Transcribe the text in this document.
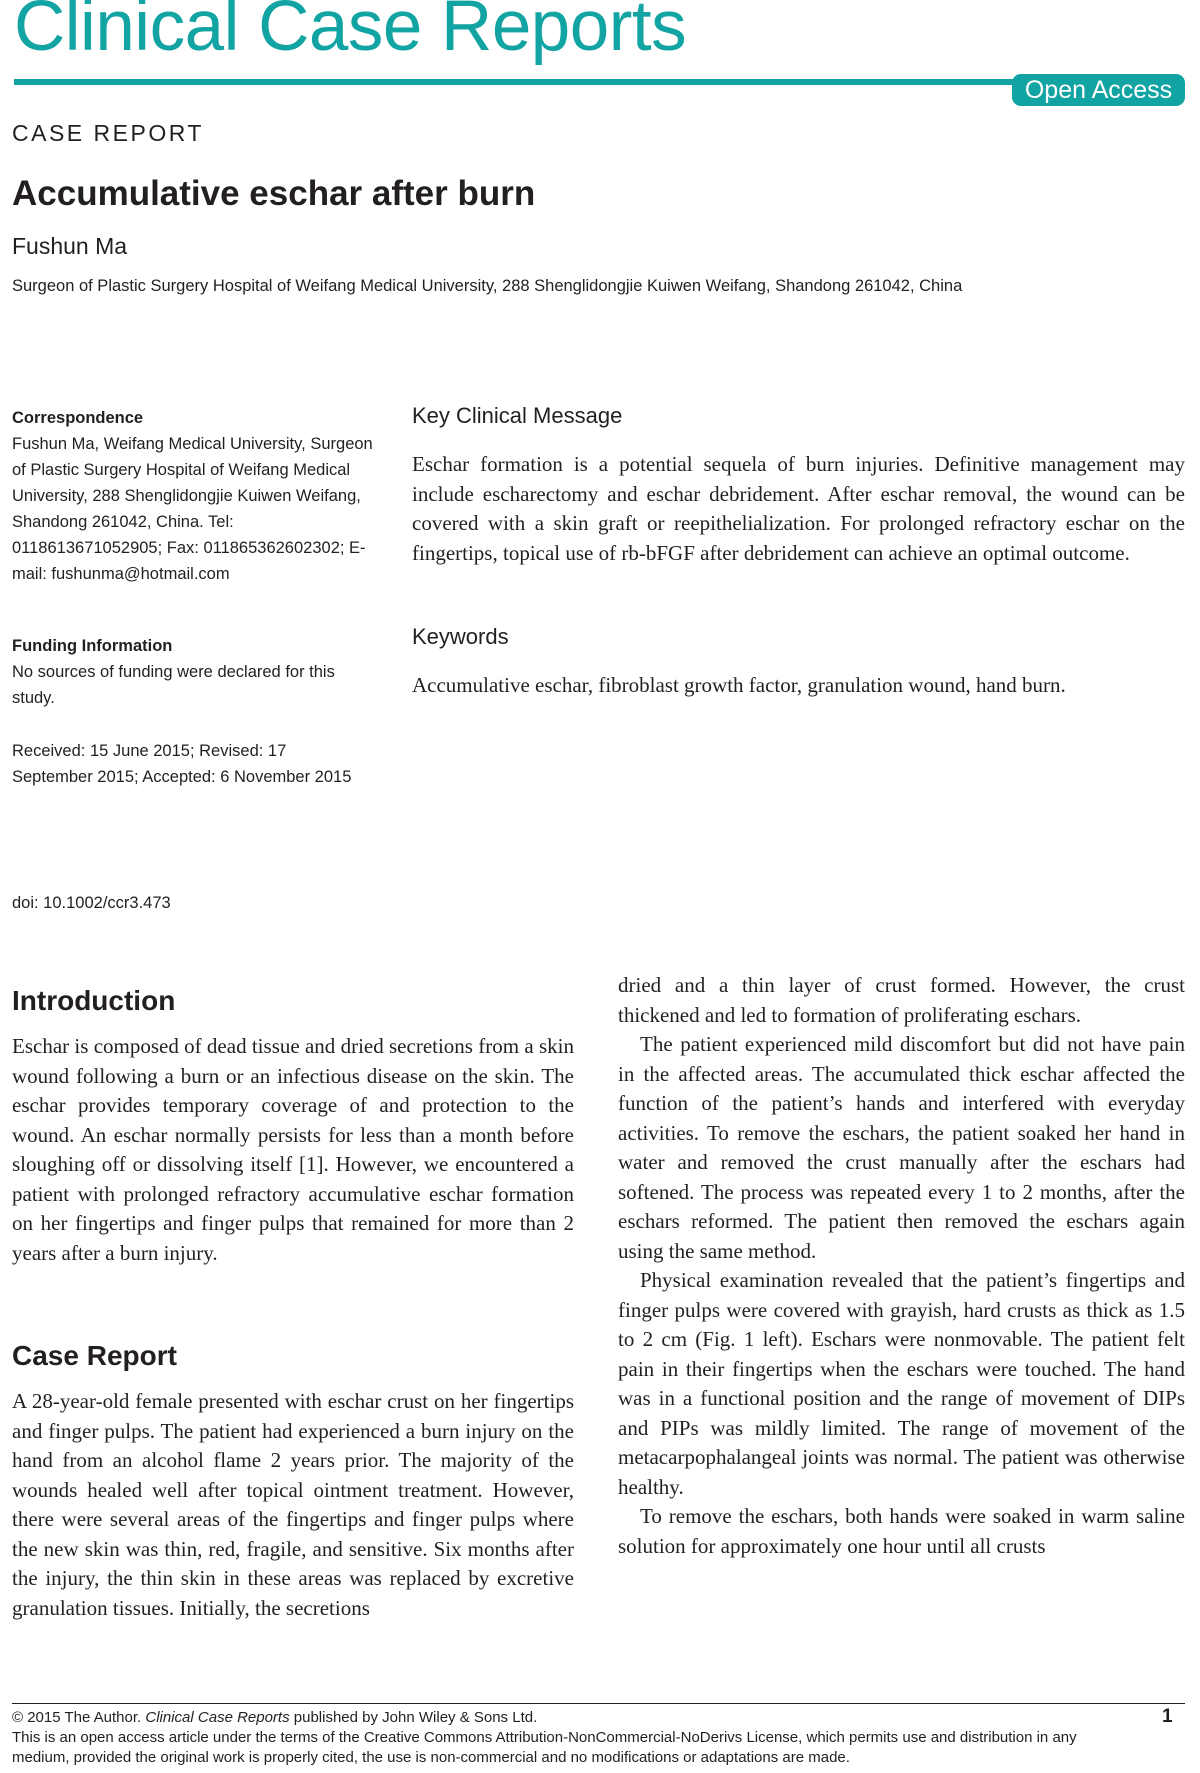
Clinical Case Reports
Open Access
CASE REPORT
Accumulative eschar after burn
Fushun Ma
Surgeon of Plastic Surgery Hospital of Weifang Medical University, 288 Shenglidongjie Kuiwen Weifang, Shandong 261042, China
Correspondence
Fushun Ma, Weifang Medical University, Surgeon of Plastic Surgery Hospital of Weifang Medical University, 288 Shenglidongjie Kuiwen Weifang, Shandong 261042, China. Tel: 0118613671052905; Fax: 011865362602302; E-mail: fushunma@hotmail.com
Funding Information
No sources of funding were declared for this study.
Received: 15 June 2015; Revised: 17 September 2015; Accepted: 6 November 2015
doi: 10.1002/ccr3.473
Key Clinical Message

Eschar formation is a potential sequela of burn injuries. Definitive management may include escharectomy and eschar debridement. After eschar removal, the wound can be covered with a skin graft or reepithelialization. For prolonged refractory eschar on the fingertips, topical use of rb-bFGF after debridement can achieve an optimal outcome.

Keywords

Accumulative eschar, fibroblast growth factor, granulation wound, hand burn.

Introduction

Eschar is composed of dead tissue and dried secretions from a skin wound following a burn or an infectious disease on the skin. The eschar provides temporary coverage of and protection to the wound. An eschar normally persists for less than a month before sloughing off or dissolving itself [1]. However, we encountered a patient with prolonged refractory accumulative eschar formation on her fingertips and finger pulps that remained for more than 2 years after a burn injury.

Case Report

A 28-year-old female presented with eschar crust on her fingertips and finger pulps. The patient had experienced a burn injury on the hand from an alcohol flame 2 years prior. The majority of the wounds healed well after topical ointment treatment. However, there were several areas of the fingertips and finger pulps where the new skin was thin, red, fragile, and sensitive. Six months after the injury, the thin skin in these areas was replaced by excretive granulation tissues. Initially, the secretions

dried and a thin layer of crust formed. However, the crust thickened and led to formation of proliferating eschars.

The patient experienced mild discomfort but did not have pain in the affected areas. The accumulated thick eschar affected the function of the patient’s hands and interfered with everyday activities. To remove the eschars, the patient soaked her hand in water and removed the crust manually after the eschars had softened. The process was repeated every 1 to 2 months, after the eschars reformed. The patient then removed the eschars again using the same method.

Physical examination revealed that the patient’s fingertips and finger pulps were covered with grayish, hard crusts as thick as 1.5 to 2 cm (Fig. 1 left). Eschars were nonmovable. The patient felt pain in their fingertips when the eschars were touched. The hand was in a functional position and the range of movement of DIPs and PIPs was mildly limited. The range of movement of the metacarpophalangeal joints was normal. The patient was otherwise healthy.

To remove the eschars, both hands were soaked in warm saline solution for approximately one hour until all crusts

© 2015 The Author. Clinical Case Reports published by John Wiley & Sons Ltd.
This is an open access article under the terms of the Creative Commons Attribution-NonCommercial-NoDerivs License, which permits use and distribution in any medium, provided the original work is properly cited, the use is non-commercial and no modifications or adaptations are made.
1
